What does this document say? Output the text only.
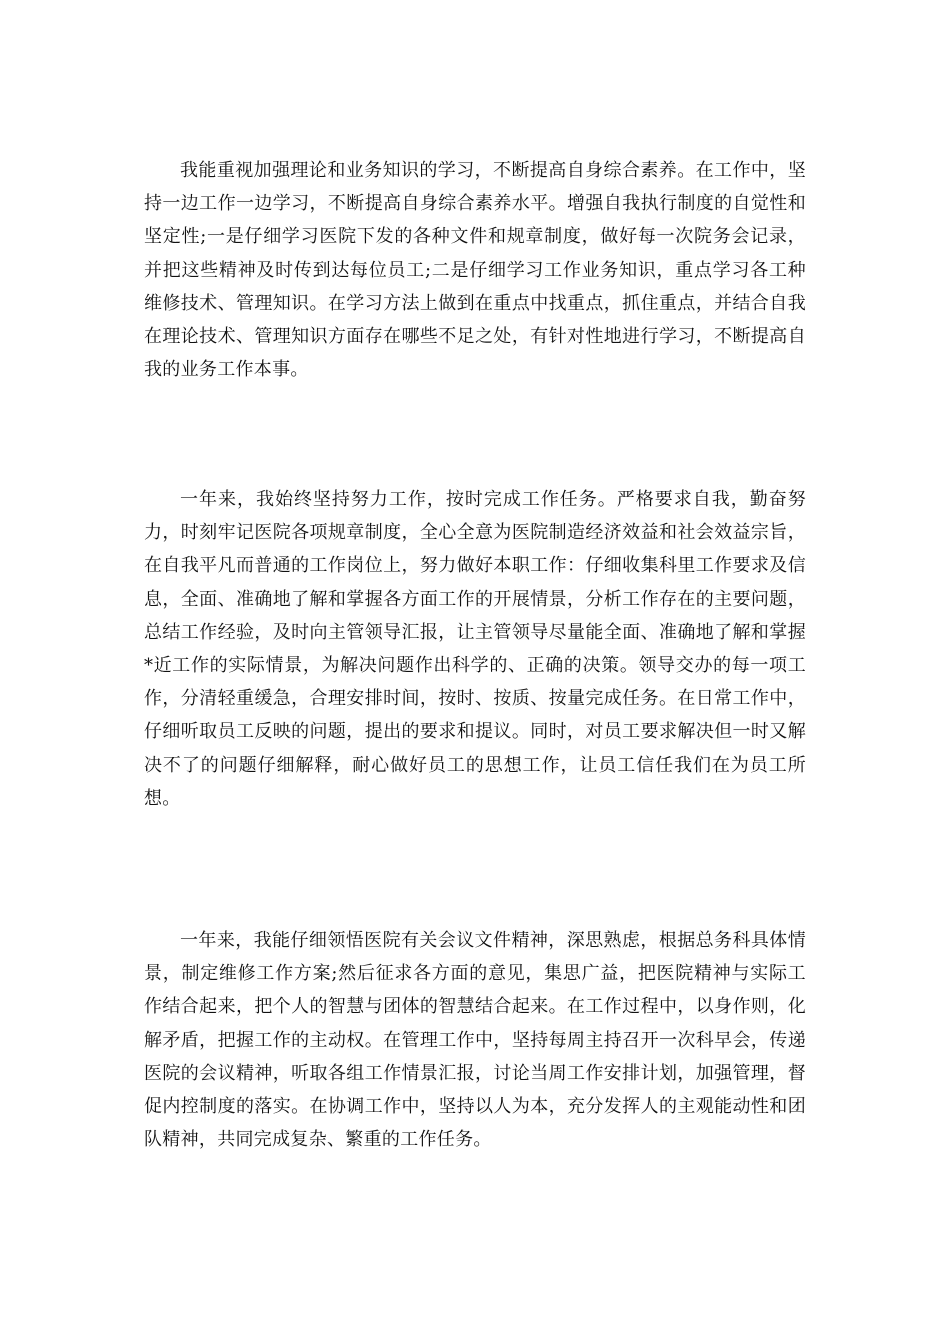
我能重视加强理论和业务知识的学习，不断提高自身综合素养。在工作中，坚持一边工作一边学习，不断提高自身综合素养水平。增强自我执行制度的自觉性和坚定性;一是仔细学习医院下发的各种文件和规章制度，做好每一次院务会记录，并把这些精神及时传到达每位员工;二是仔细学习工作业务知识，重点学习各工种维修技术、管理知识。在学习方法上做到在重点中找重点，抓住重点，并结合自我在理论技术、管理知识方面存在哪些不足之处，有针对性地进行学习，不断提高自我的业务工作本事。

一年来，我始终坚持努力工作，按时完成工作任务。严格要求自我，勤奋努力，时刻牢记医院各项规章制度，全心全意为医院制造经济效益和社会效益宗旨，在自我平凡而普通的工作岗位上，努力做好本职工作：仔细收集科里工作要求及信息，全面、准确地了解和掌握各方面工作的开展情景，分析工作存在的主要问题，总结工作经验，及时向主管领导汇报，让主管领导尽量能全面、准确地了解和掌握*近工作的实际情景，为解决问题作出科学的、正确的决策。领导交办的每一项工作，分清轻重缓急，合理安排时间，按时、按质、按量完成任务。在日常工作中，仔细听取员工反映的问题，提出的要求和提议。同时，对员工要求解决但一时又解决不了的问题仔细解释，耐心做好员工的思想工作，让员工信任我们在为员工所想。

一年来，我能仔细领悟医院有关会议文件精神，深思熟虑，根据总务科具体情景，制定维修工作方案;然后征求各方面的意见，集思广益，把医院精神与实际工作结合起来，把个人的智慧与团体的智慧结合起来。在工作过程中，以身作则，化解矛盾，把握工作的主动权。在管理工作中，坚持每周主持召开一次科早会，传递医院的会议精神，听取各组工作情景汇报，讨论当周工作安排计划，加强管理，督促内控制度的落实。在协调工作中，坚持以人为本，充分发挥人的主观能动性和团队精神，共同完成复杂、繁重的工作任务。
